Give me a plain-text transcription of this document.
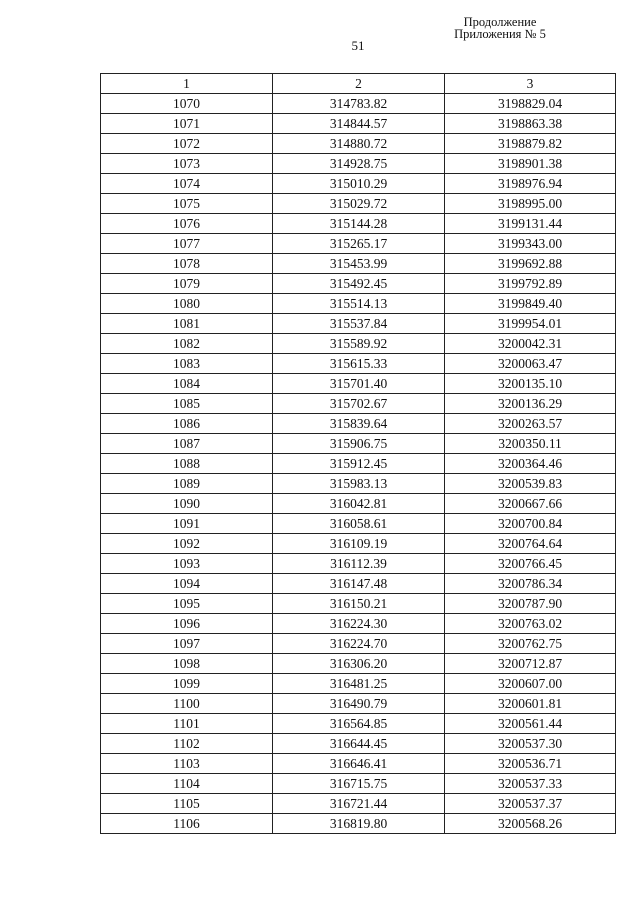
Продолжение
Приложения № 5
51
1	2	3
1070	314783.82	3198829.04
1071	314844.57	3198863.38
1072	314880.72	3198879.82
1073	314928.75	3198901.38
1074	315010.29	3198976.94
1075	315029.72	3198995.00
1076	315144.28	3199131.44
1077	315265.17	3199343.00
1078	315453.99	3199692.88
1079	315492.45	3199792.89
1080	315514.13	3199849.40
1081	315537.84	3199954.01
1082	315589.92	3200042.31
1083	315615.33	3200063.47
1084	315701.40	3200135.10
1085	315702.67	3200136.29
1086	315839.64	3200263.57
1087	315906.75	3200350.11
1088	315912.45	3200364.46
1089	315983.13	3200539.83
1090	316042.81	3200667.66
1091	316058.61	3200700.84
1092	316109.19	3200764.64
1093	316112.39	3200766.45
1094	316147.48	3200786.34
1095	316150.21	3200787.90
1096	316224.30	3200763.02
1097	316224.70	3200762.75
1098	316306.20	3200712.87
1099	316481.25	3200607.00
1100	316490.79	3200601.81
1101	316564.85	3200561.44
1102	316644.45	3200537.30
1103	316646.41	3200536.71
1104	316715.75	3200537.33
1105	316721.44	3200537.37
1106	316819.80	3200568.26
